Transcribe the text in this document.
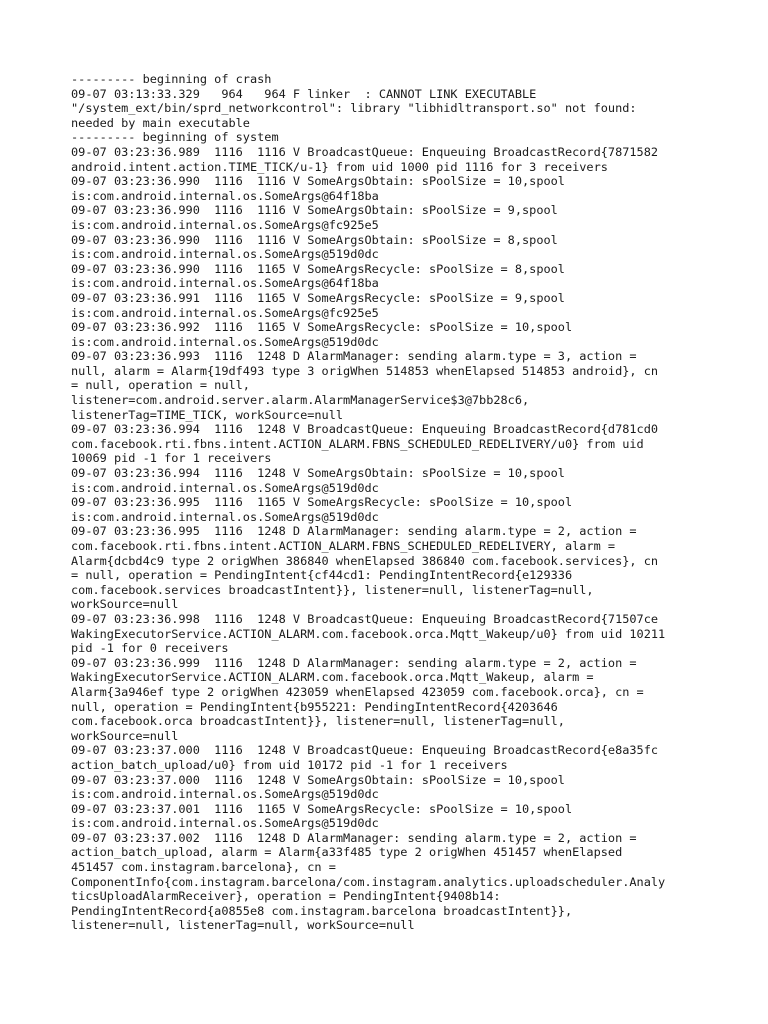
--------- beginning of crash
09-07 03:13:33.329   964   964 F linker  : CANNOT LINK EXECUTABLE
"/system_ext/bin/sprd_networkcontrol": library "libhidltransport.so" not found:
needed by main executable
--------- beginning of system
09-07 03:23:36.989  1116  1116 V BroadcastQueue: Enqueuing BroadcastRecord{7871582
android.intent.action.TIME_TICK/u-1} from uid 1000 pid 1116 for 3 receivers
09-07 03:23:36.990  1116  1116 V SomeArgsObtain: sPoolSize = 10,spool
is:com.android.internal.os.SomeArgs@64f18ba
09-07 03:23:36.990  1116  1116 V SomeArgsObtain: sPoolSize = 9,spool
is:com.android.internal.os.SomeArgs@fc925e5
09-07 03:23:36.990  1116  1116 V SomeArgsObtain: sPoolSize = 8,spool
is:com.android.internal.os.SomeArgs@519d0dc
09-07 03:23:36.990  1116  1165 V SomeArgsRecycle: sPoolSize = 8,spool
is:com.android.internal.os.SomeArgs@64f18ba
09-07 03:23:36.991  1116  1165 V SomeArgsRecycle: sPoolSize = 9,spool
is:com.android.internal.os.SomeArgs@fc925e5
09-07 03:23:36.992  1116  1165 V SomeArgsRecycle: sPoolSize = 10,spool
is:com.android.internal.os.SomeArgs@519d0dc
09-07 03:23:36.993  1116  1248 D AlarmManager: sending alarm.type = 3, action =
null, alarm = Alarm{19df493 type 3 origWhen 514853 whenElapsed 514853 android}, cn
= null, operation = null,
listener=com.android.server.alarm.AlarmManagerService$3@7bb28c6,
listenerTag=TIME_TICK, workSource=null
09-07 03:23:36.994  1116  1248 V BroadcastQueue: Enqueuing BroadcastRecord{d781cd0
com.facebook.rti.fbns.intent.ACTION_ALARM.FBNS_SCHEDULED_REDELIVERY/u0} from uid
10069 pid -1 for 1 receivers
09-07 03:23:36.994  1116  1248 V SomeArgsObtain: sPoolSize = 10,spool
is:com.android.internal.os.SomeArgs@519d0dc
09-07 03:23:36.995  1116  1165 V SomeArgsRecycle: sPoolSize = 10,spool
is:com.android.internal.os.SomeArgs@519d0dc
09-07 03:23:36.995  1116  1248 D AlarmManager: sending alarm.type = 2, action =
com.facebook.rti.fbns.intent.ACTION_ALARM.FBNS_SCHEDULED_REDELIVERY, alarm =
Alarm{dcbd4c9 type 2 origWhen 386840 whenElapsed 386840 com.facebook.services}, cn
= null, operation = PendingIntent{cf44cd1: PendingIntentRecord{e129336
com.facebook.services broadcastIntent}}, listener=null, listenerTag=null,
workSource=null
09-07 03:23:36.998  1116  1248 V BroadcastQueue: Enqueuing BroadcastRecord{71507ce
WakingExecutorService.ACTION_ALARM.com.facebook.orca.Mqtt_Wakeup/u0} from uid 10211
pid -1 for 0 receivers
09-07 03:23:36.999  1116  1248 D AlarmManager: sending alarm.type = 2, action =
WakingExecutorService.ACTION_ALARM.com.facebook.orca.Mqtt_Wakeup, alarm =
Alarm{3a946ef type 2 origWhen 423059 whenElapsed 423059 com.facebook.orca}, cn =
null, operation = PendingIntent{b955221: PendingIntentRecord{4203646
com.facebook.orca broadcastIntent}}, listener=null, listenerTag=null,
workSource=null
09-07 03:23:37.000  1116  1248 V BroadcastQueue: Enqueuing BroadcastRecord{e8a35fc
action_batch_upload/u0} from uid 10172 pid -1 for 1 receivers
09-07 03:23:37.000  1116  1248 V SomeArgsObtain: sPoolSize = 10,spool
is:com.android.internal.os.SomeArgs@519d0dc
09-07 03:23:37.001  1116  1165 V SomeArgsRecycle: sPoolSize = 10,spool
is:com.android.internal.os.SomeArgs@519d0dc
09-07 03:23:37.002  1116  1248 D AlarmManager: sending alarm.type = 2, action =
action_batch_upload, alarm = Alarm{a33f485 type 2 origWhen 451457 whenElapsed
451457 com.instagram.barcelona}, cn =
ComponentInfo{com.instagram.barcelona/com.instagram.analytics.uploadscheduler.Analy
ticsUploadAlarmReceiver}, operation = PendingIntent{9408b14:
PendingIntentRecord{a0855e8 com.instagram.barcelona broadcastIntent}},
listener=null, listenerTag=null, workSource=null
